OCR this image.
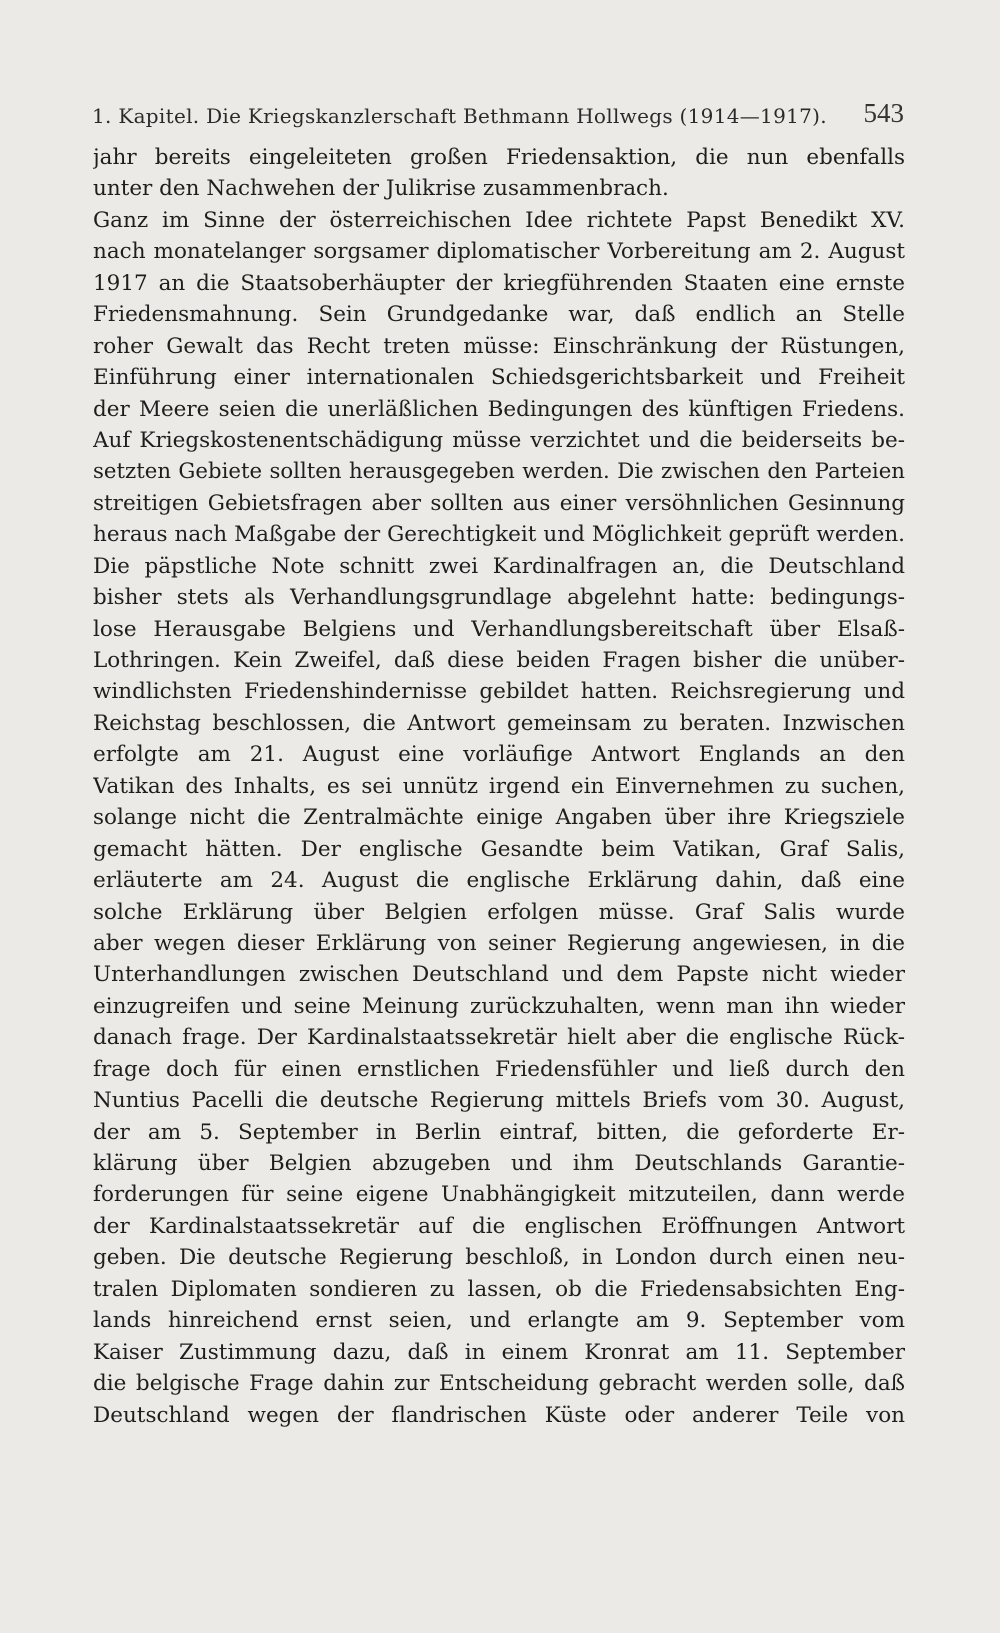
1. Kapitel. Die Kriegskanzlerschaft Bethmann Hollwegs (1914—1917). 543
jahr bereits eingeleiteten großen Friedensaktion, die nun ebenfalls
unter den Nachwehen der Julikrise zusammenbrach.
Ganz im Sinne der österreichischen Idee richtete Papst Benedikt XV.
nach monatelanger sorgsamer diplomatischer Vorbereitung am 2. August
1917 an die Staatsoberhäupter der kriegführenden Staaten eine ernste
Friedensmahnung. Sein Grundgedanke war, daß endlich an Stelle
roher Gewalt das Recht treten müsse: Einschränkung der Rüstungen,
Einführung einer internationalen Schiedsgerichtsbarkeit und Freiheit
der Meere seien die unerläßlichen Bedingungen des künftigen Friedens.
Auf Kriegskostenentschädigung müsse verzichtet und die beiderseits be-
setzten Gebiete sollten herausgegeben werden. Die zwischen den Parteien
streitigen Gebietsfragen aber sollten aus einer versöhnlichen Gesinnung
heraus nach Maßgabe der Gerechtigkeit und Möglichkeit geprüft werden.
Die päpstliche Note schnitt zwei Kardinalfragen an, die Deutschland
bisher stets als Verhandlungsgrundlage abgelehnt hatte: bedingungs-
lose Herausgabe Belgiens und Verhandlungsbereitschaft über Elsaß-
Lothringen. Kein Zweifel, daß diese beiden Fragen bisher die unüber-
windlichsten Friedenshindernisse gebildet hatten. Reichsregierung und
Reichstag beschlossen, die Antwort gemeinsam zu beraten. Inzwischen
erfolgte am 21. August eine vorläufige Antwort Englands an den
Vatikan des Inhalts, es sei unnütz irgend ein Einvernehmen zu suchen,
solange nicht die Zentralmächte einige Angaben über ihre Kriegsziele
gemacht hätten. Der englische Gesandte beim Vatikan, Graf Salis,
erläuterte am 24. August die englische Erklärung dahin, daß eine
solche Erklärung über Belgien erfolgen müsse. Graf Salis wurde
aber wegen dieser Erklärung von seiner Regierung angewiesen, in die
Unterhandlungen zwischen Deutschland und dem Papste nicht wieder
einzugreifen und seine Meinung zurückzuhalten, wenn man ihn wieder
danach frage. Der Kardinalstaatssekretär hielt aber die englische Rück-
frage doch für einen ernstlichen Friedensfühler und ließ durch den
Nuntius Pacelli die deutsche Regierung mittels Briefs vom 30. August,
der am 5. September in Berlin eintraf, bitten, die geforderte Er-
klärung über Belgien abzugeben und ihm Deutschlands Garantie-
forderungen für seine eigene Unabhängigkeit mitzuteilen, dann werde
der Kardinalstaatssekretär auf die englischen Eröffnungen Antwort
geben. Die deutsche Regierung beschloß, in London durch einen neu-
tralen Diplomaten sondieren zu lassen, ob die Friedensabsichten Eng-
lands hinreichend ernst seien, und erlangte am 9. September vom
Kaiser Zustimmung dazu, daß in einem Kronrat am 11. September
die belgische Frage dahin zur Entscheidung gebracht werden solle, daß
Deutschland wegen der flandrischen Küste oder anderer Teile von
